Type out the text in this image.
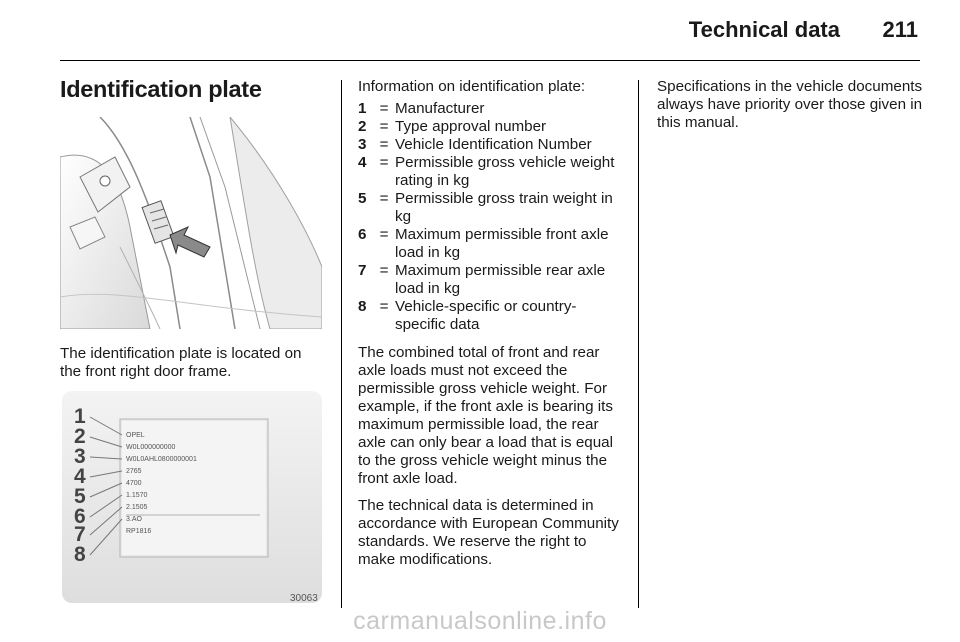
Technical data 211
Identification plate

The identification plate is located on the front right door frame.

1
2
3
4
5
6
7
8
OPEL
W0L000000000
W0L0AHL0800000001
2765
4700
1.1570
2.1505
3.AO
RP1816
30063

Information on identification plate:

1 = Manufacturer
2 = Type approval number
3 = Vehicle Identification Number
4 = Permissible gross vehicle weight rating in kg
5 = Permissible gross train weight in kg
6 = Maximum permissible front axle load in kg
7 = Maximum permissible rear axle load in kg
8 = Vehicle-specific or country-specific data

The combined total of front and rear axle loads must not exceed the permissible gross vehicle weight. For example, if the front axle is bearing its maximum permissible load, the rear axle can only bear a load that is equal to the gross vehicle weight minus the front axle load.

The technical data is determined in accordance with European Community standards. We reserve the right to make modifications.

Specifications in the vehicle documents always have priority over those given in this manual.

carmanualsonline.info
